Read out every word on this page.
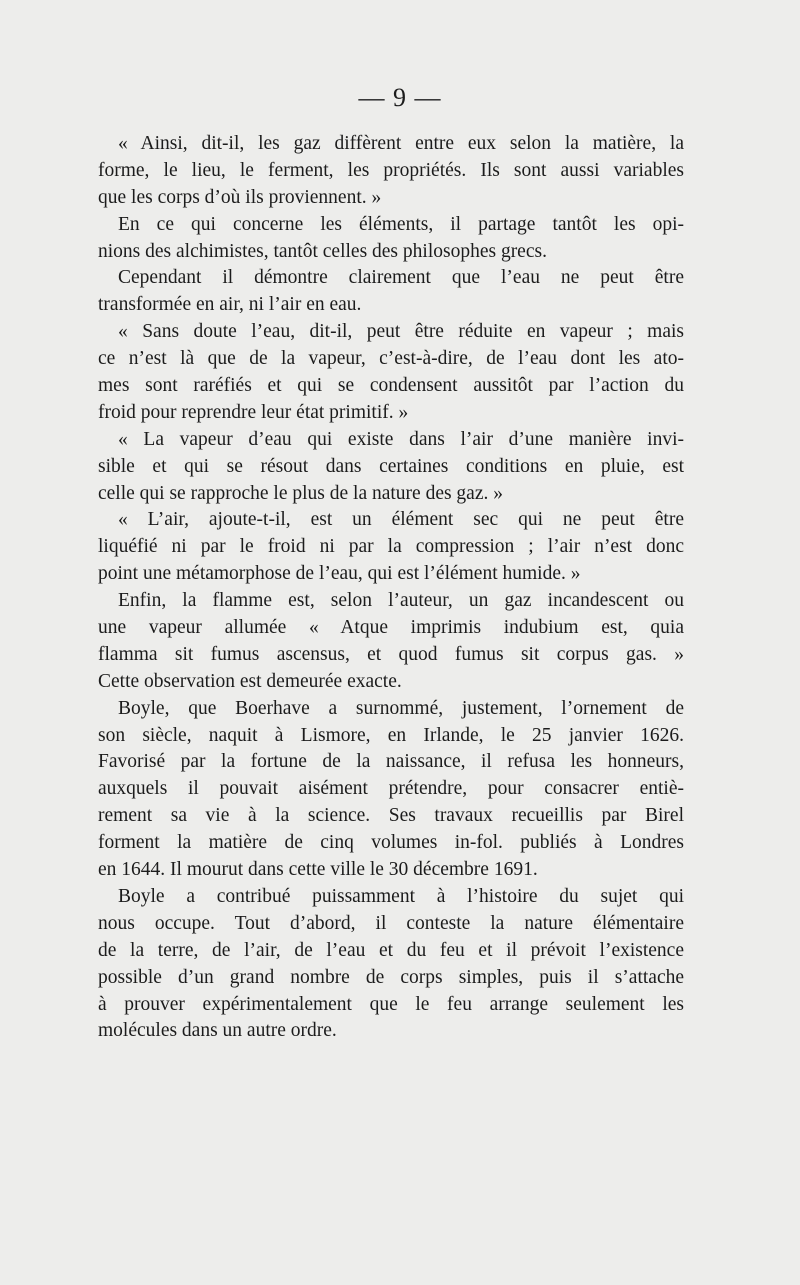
— 9 —
« Ainsi, dit-il, les gaz diffèrent entre eux selon la matière, la
forme, le lieu, le ferment, les propriétés. Ils sont aussi variables
que les corps d’où ils proviennent. »
En ce qui concerne les éléments, il partage tantôt les opi-
nions des alchimistes, tantôt celles des philosophes grecs.
Cependant il démontre clairement que l’eau ne peut être
transformée en air, ni l’air en eau.
« Sans doute l’eau, dit-il, peut être réduite en vapeur ; mais
ce n’est là que de la vapeur, c’est-à-dire, de l’eau dont les ato-
mes sont raréfiés et qui se condensent aussitôt par l’action du
froid pour reprendre leur état primitif. »
« La vapeur d’eau qui existe dans l’air d’une manière invi-
sible et qui se résout dans certaines conditions en pluie, est
celle qui se rapproche le plus de la nature des gaz. »
« L’air, ajoute-t-il, est un élément sec qui ne peut être
liquéfié ni par le froid ni par la compression ; l’air n’est donc
point une métamorphose de l’eau, qui est l’élément humide. »
Enfin, la flamme est, selon l’auteur, un gaz incandescent ou
une vapeur allumée « Atque imprimis indubium est, quia
flamma sit fumus ascensus, et quod fumus sit corpus gas. »
Cette observation est demeurée exacte.
Boyle, que Boerhave a surnommé, justement, l’ornement de
son siècle, naquit à Lismore, en Irlande, le 25 janvier 1626.
Favorisé par la fortune de la naissance, il refusa les honneurs,
auxquels il pouvait aisément prétendre, pour consacrer entiè-
rement sa vie à la science. Ses travaux recueillis par Birel
forment la matière de cinq volumes in-fol. publiés à Londres
en 1644. Il mourut dans cette ville le 30 décembre 1691.
Boyle a contribué puissamment à l’histoire du sujet qui
nous occupe. Tout d’abord, il conteste la nature élémentaire
de la terre, de l’air, de l’eau et du feu et il prévoit l’existence
possible d’un grand nombre de corps simples, puis il s’attache
à prouver expérimentalement que le feu arrange seulement les
molécules dans un autre ordre.
